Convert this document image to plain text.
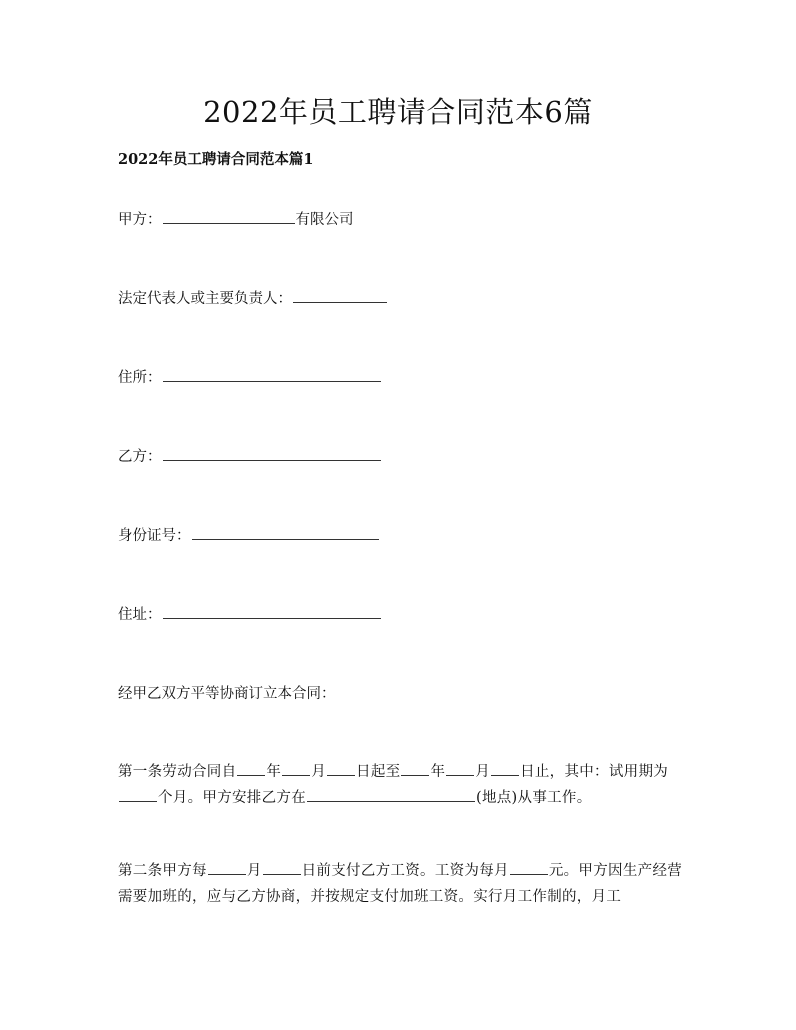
2022年员工聘请合同范本6篇
2022年员工聘请合同范本篇1

甲方：	有限公司

法定代表人或主要负责人：

住所：

乙方：

身份证号：

住址：

经甲乙双方平等协商订立本合同：

第一条劳动合同自 年 月 日起至 年 月 日止，其中：试用期为个月。甲方安排乙方在	(地点)从事工作。
第二条甲方每	月	日前支付乙方工资。工资为每月	元。甲方因生产经营需要加班的，应与乙方协商，并按规定支付加班工资。实行月工作制的，月工
